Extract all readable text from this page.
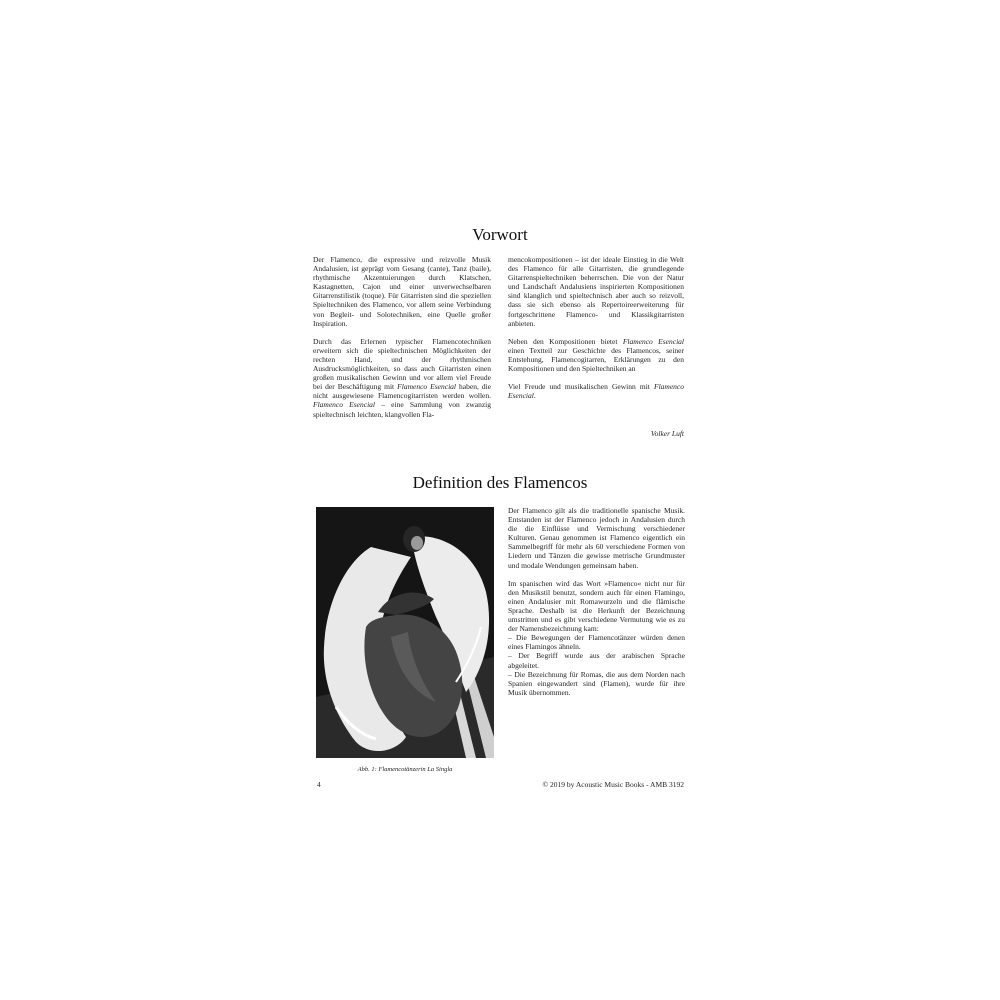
Vorwort

Der Flamenco, die expressive und reizvolle Musik Andalusien, ist geprägt vom Gesang (cante), Tanz (baile), rhythmische Akzentuierungen durch Klatschen, Kastagnetten, Cajon und einer unverwechselbaren Gitarrenstilistik (toque). Für Gitarristen sind die speziellen Spieltechniken des Flamenco, vor allem seine Verbindung von Begleit- und Solotechniken, eine Quelle großer Inspiration.

Durch das Erlernen typischer Flamencotechniken erweitern sich die spieltechnischen Möglichkeiten der rechten Hand, und der rhythmischen Ausdrucksmöglichkeiten, so dass auch Gitarristen einen großen musikalischen Gewinn und vor allem viel Freude bei der Beschäftigung mit Flamenco Esencial haben, die nicht ausgewiesene Flamencogitarristen werden wollen. Flamenco Esencial – eine Sammlung von zwanzig spieltechnisch leichten, klangvollen Fla-

mencokompositionen – ist der ideale Einstieg in die Welt des Flamenco für alle Gitarristen, die grundlegende Gitarrenspieltechniken beherrschen. Die von der Natur und Landschaft Andalusiens inspirierten Kompositionen sind klanglich und spieltechnisch aber auch so reizvoll, dass sie sich ebenso als Repertoireerweiterung für fortgeschrittene Flamenco- und Klassikgitarristen anbieten.

Neben den Kompositionen bietet Flamenco Esencial einen Textteil zur Geschichte des Flamencos, seiner Entstehung, Flamencogitarren, Erklärungen zu den Kompositionen und den Spieltechniken an

Viel Freude und musikalischen Gewinn mit Flamenco Esencial.

Volker Luft
Definition des Flamencos

Der Flamenco gilt als die traditionelle spanische Musik. Entstanden ist der Flamenco jedoch in Andalusien durch die die Einflüsse und Vermischung verschiedener Kulturen. Genau genommen ist Flamenco eigentlich ein Sammelbegriff für mehr als 60 verschiedene Formen von Liedern und Tänzen die gewisse metrische Grundmuster und modale Wendungen gemeinsam haben.

Im spanischen wird das Wort »Flamenco« nicht nur für den Musikstil benutzt, sondern auch für einen Flamingo, einen Andalusier mit Romawurzeln und die flämische Sprache. Deshalb ist die Herkunft der Bezeichnung umstritten und es gibt verschiedene Vermutung wie es zu der Namensbezeichnung kam:

– Die Bewegungen der Flamencotänzer würden denen eines Flamingos ähneln.

– Der Begriff wurde aus der arabischen Sprache abgeleitet.

– Die Bezeichnung für Romas, die aus dem Norden nach Spanien eingewandert sind (Flamen), wurde für ihre Musik übernommen.

Abb. 1: Flamencotänzerin La Singla
4	© 2019 by Acoustic Music Books - AMB 3192
